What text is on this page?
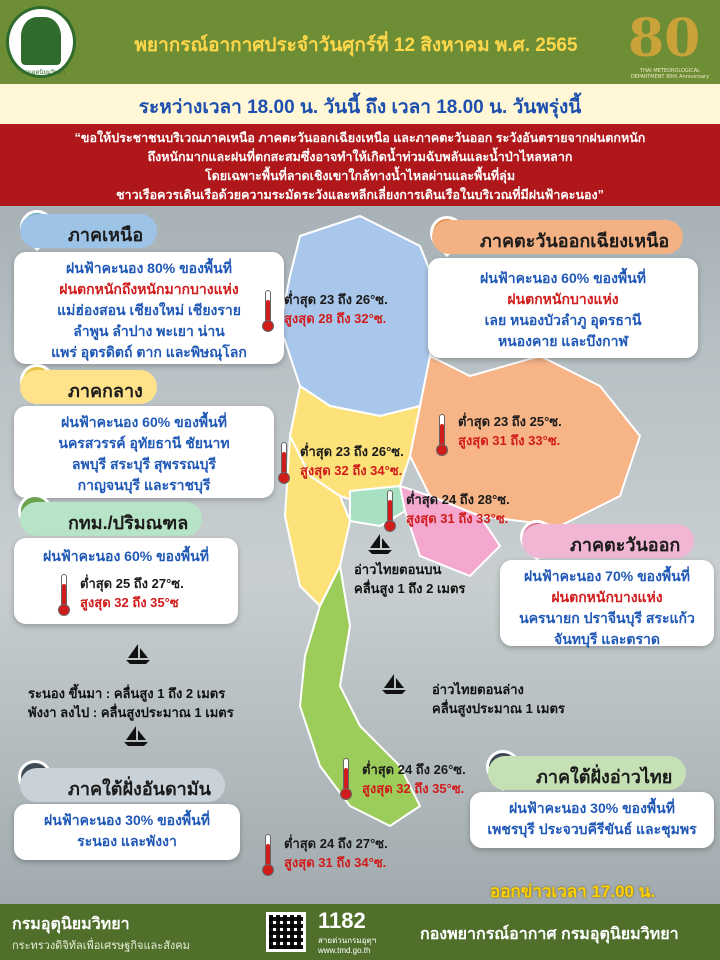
กรมอุตุนิยมวิทยา
พยากรณ์อากาศประจำวันศุกร์ที่ 12 สิงหาคม พ.ศ. 2565 80
THAI METEOROLOGICAL DEPARTMENT 80th Anniversary
ระหว่างเวลา 18.00 น. วันนี้ ถึง เวลา 18.00 น. วันพรุ่งนี้
“ขอให้ประชาชนบริเวณภาคเหนือ ภาคตะวันออกเฉียงเหนือ และภาคตะวันออก ระวังอันตรายจากฝนตกหนัก
ถึงหนักมากและฝนที่ตกสะสมซึ่งอาจทำให้เกิดน้ำท่วมฉับพลันและน้ำป่าไหลหลาก
โดยเฉพาะพื้นที่ลาดเชิงเขาใกล้ทางน้ำไหลผ่านและพื้นที่ลุ่ม
ชาวเรือควรเดินเรือด้วยความระมัดระวังและหลีกเลี่ยงการเดินเรือในบริเวณที่มีฝนฟ้าคะนอง”
ภาคเหนือ
ฝนฟ้าคะนอง 80% ของพื้นที่
ฝนตกหนักถึงหนักมากบางแห่ง
แม่ฮ่องสอน เชียงใหม่ เชียงราย
ลำพูน ลำปาง พะเยา น่าน
แพร่ อุตรดิตถ์ ตาก และพิษณุโลก
ต่ำสุด 23 ถึง 26°ซ.
สูงสุด 28 ถึง 32°ซ.
ภาคตะวันออกเฉียงเหนือ
ฝนฟ้าคะนอง 60% ของพื้นที่
ฝนตกหนักบางแห่ง
เลย หนองบัวลำภู อุดรธานี
หนองคาย และบึงกาฬ
ต่ำสุด 23 ถึง 25°ซ.
สูงสุด 31 ถึง 33°ซ.
ภาคกลาง
ฝนฟ้าคะนอง 60% ของพื้นที่
นครสวรรค์ อุทัยธานี ชัยนาท
ลพบุรี สระบุรี สุพรรณบุรี
กาญจนบุรี และราชบุรี
ต่ำสุด 23 ถึง 26°ซ.
สูงสุด 32 ถึง 34°ซ.
กทม./ปริมณฑล
ฝนฟ้าคะนอง 60% ของพื้นที่
ต่ำสุด 25 ถึง 27°ซ.
สูงสุด 32 ถึง 35°ซ
ต่ำสุด 24 ถึง 28°ซ.
สูงสุด 31 ถึง 33°ซ.
ภาคตะวันออก
ฝนฟ้าคะนอง 70% ของพื้นที่
ฝนตกหนักบางแห่ง
นครนายก ปราจีนบุรี สระแก้ว
จันทบุรี และตราด
อ่าวไทยตอนบน
คลื่นสูง 1 ถึง 2 เมตร
ระนอง ขึ้นมา : คลื่นสูง 1 ถึง 2 เมตร
พังงา ลงไป : คลื่นสูงประมาณ 1 เมตร
อ่าวไทยตอนล่าง
คลื่นสูงประมาณ 1 เมตร
ต่ำสุด 24 ถึง 26°ซ.
สูงสุด 32 ถึง 35°ซ.
ภาคใต้ฝั่งอ่าวไทย
ฝนฟ้าคะนอง 30% ของพื้นที่
เพชรบุรี ประจวบคีรีขันธ์ และชุมพร
ภาคใต้ฝั่งอันดามัน
ฝนฟ้าคะนอง 30% ของพื้นที่
ระนอง และพังงา	ต่ำสุด 24 ถึง 27°ซ.
สูงสุด 31 ถึง 34°ซ.
ออกข่าวเวลา 17.00 น.
กรมอุตุนิยมวิทยา
กระทรวงดิจิทัลเพื่อเศรษฐกิจและสังคม
1182
สายด่วนกรมอุตุฯ
www.tmd.go.th
กองพยากรณ์อากาศ กรมอุตุนิยมวิทยา
